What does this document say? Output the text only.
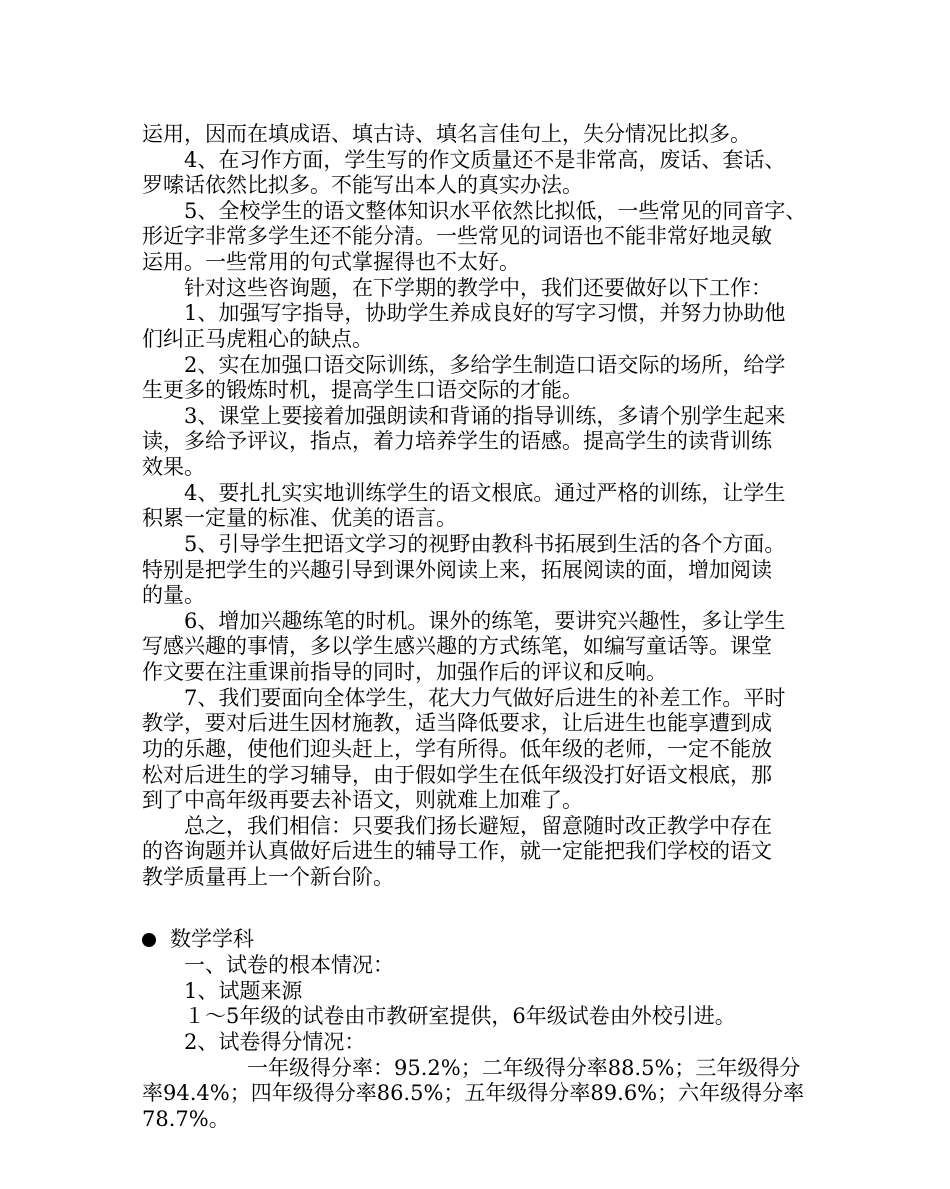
运用，因而在填成语、填古诗、填名言佳句上，失分情况比拟多。
　　4、在习作方面，学生写的作文质量还不是非常高，废话、套话、
罗嗦话依然比拟多。不能写出本人的真实办法。
　　5、全校学生的语文整体知识水平依然比拟低，一些常见的同音字、
形近字非常多学生还不能分清。一些常见的词语也不能非常好地灵敏
运用。一些常用的句式掌握得也不太好。
　　针对这些咨询题，在下学期的教学中，我们还要做好以下工作：
　　1、加强写字指导，协助学生养成良好的写字习惯，并努力协助他
们纠正马虎粗心的缺点。
　　2、实在加强口语交际训练，多给学生制造口语交际的场所，给学
生更多的锻炼时机，提高学生口语交际的才能。
　　3、课堂上要接着加强朗读和背诵的指导训练，多请个别学生起来
读，多给予评议，指点，着力培养学生的语感。提高学生的读背训练
效果。
　　4、要扎扎实实地训练学生的语文根底。通过严格的训练，让学生
积累一定量的标准、优美的语言。
　　5、引导学生把语文学习的视野由教科书拓展到生活的各个方面。
特别是把学生的兴趣引导到课外阅读上来，拓展阅读的面，增加阅读
的量。
　　6、增加兴趣练笔的时机。课外的练笔，要讲究兴趣性，多让学生
写感兴趣的事情，多以学生感兴趣的方式练笔，如编写童话等。课堂
作文要在注重课前指导的同时，加强作后的评议和反响。
　　7、我们要面向全体学生，花大力气做好后进生的补差工作。平时
教学，要对后进生因材施教，适当降低要求，让后进生也能享遭到成
功的乐趣，使他们迎头赶上，学有所得。低年级的老师，一定不能放
松对后进生的学习辅导，由于假如学生在低年级没打好语文根底，那
到了中高年级再要去补语文，则就难上加难了。
　　总之，我们相信：只要我们扬长避短，留意随时改正教学中存在
的咨询题并认真做好后进生的辅导工作，就一定能把我们学校的语文
教学质量再上一个新台阶。
数学学科
　　一、试卷的根本情况：
　　1、试题来源
　　１～5年级的试卷由市教研室提供，6年级试卷由外校引进。
　　2、试卷得分情况：
　　　　　一年级得分率：95.2%；二年级得分率88.5%；三年级得分
率94.4%；四年级得分率86.5%；五年级得分率89.6%；六年级得分率
78.7%。
